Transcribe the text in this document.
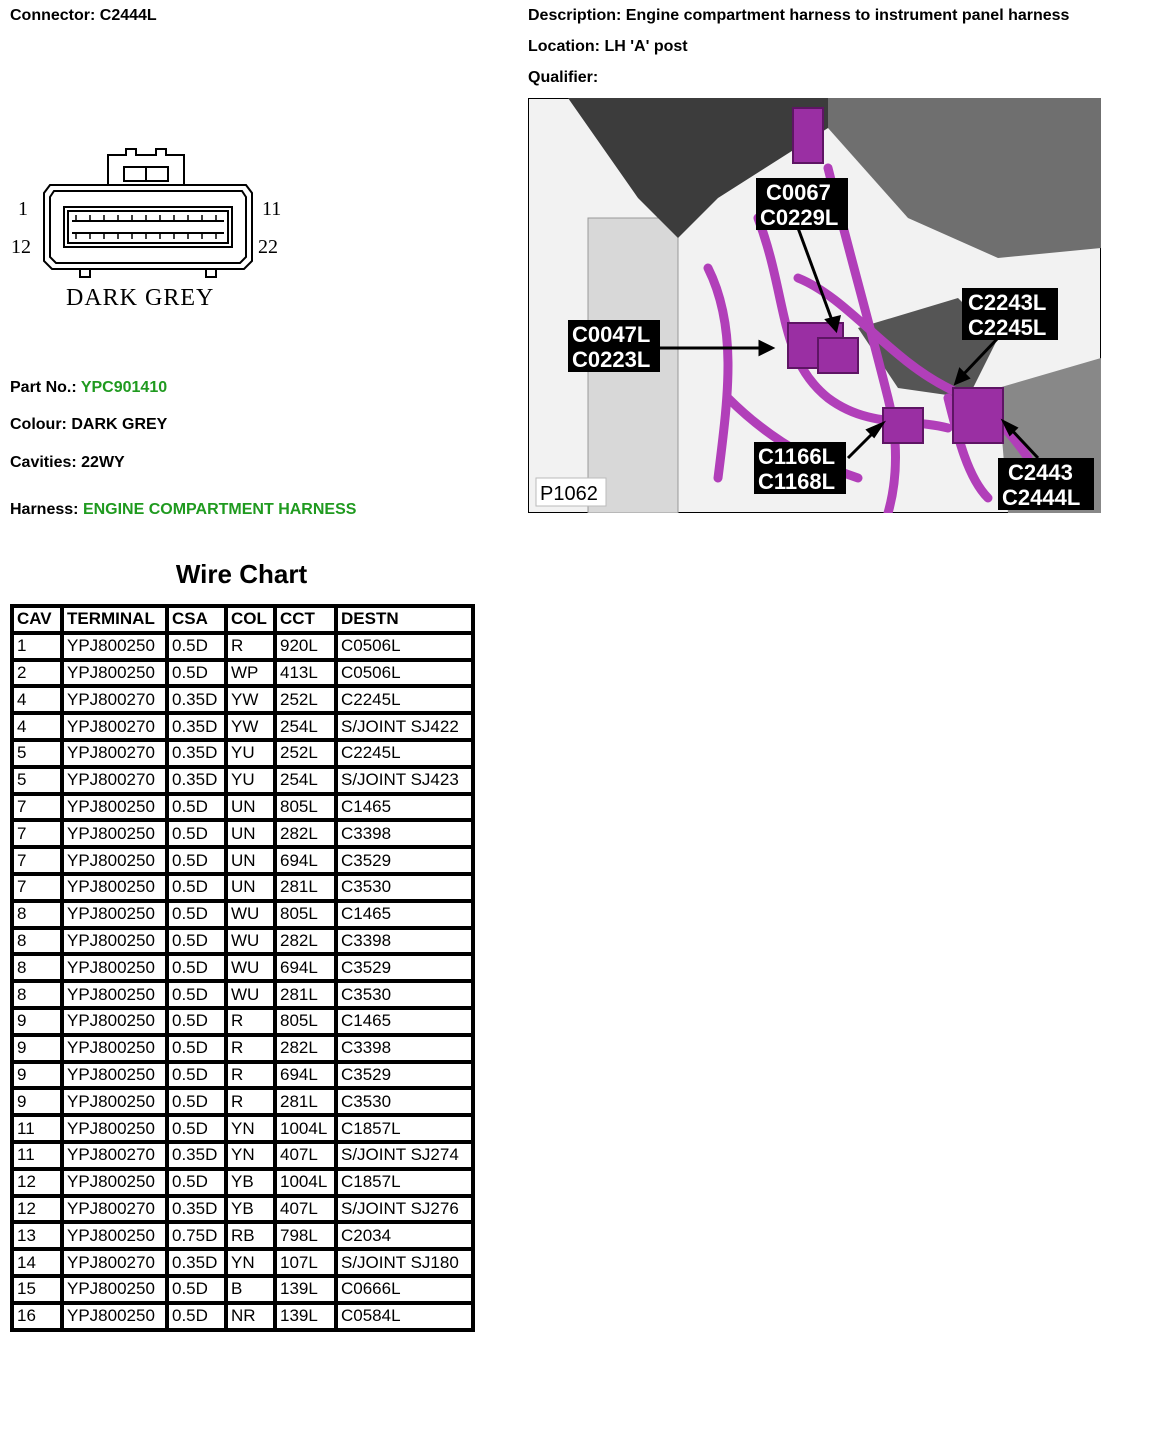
Connector: C2444L	Description: Engine compartment harness to instrument panel harness
Location: LH 'A' post
Qualifier:
1	11
12	22
DARK GREY
Part No.: YPC901410
Colour: DARK GREY
Cavities: 22WY
Harness: ENGINE COMPARTMENT HARNESS
C0067
C0229L
C0047L
C0223L
C2243L
C2245L
C1166L
C1168L	C2443
C2444L
P1062
Wire Chart
CAV	TERMINAL	CSA	COL	CCT	DESTN
1	YPJ800250	0.5D	R	920L	C0506L
2	YPJ800250	0.5D	WP	413L	C0506L
4	YPJ800270	0.35D	YW	252L	C2245L
4	YPJ800270	0.35D	YW	254L	S/JOINT SJ422
5	YPJ800270	0.35D	YU	252L	C2245L
5	YPJ800270	0.35D	YU	254L	S/JOINT SJ423
7	YPJ800250	0.5D	UN	805L	C1465
7	YPJ800250	0.5D	UN	282L	C3398
7	YPJ800250	0.5D	UN	694L	C3529
7	YPJ800250	0.5D	UN	281L	C3530
8	YPJ800250	0.5D	WU	805L	C1465
8	YPJ800250	0.5D	WU	282L	C3398
8	YPJ800250	0.5D	WU	694L	C3529
8	YPJ800250	0.5D	WU	281L	C3530
9	YPJ800250	0.5D	R	805L	C1465
9	YPJ800250	0.5D	R	282L	C3398
9	YPJ800250	0.5D	R	694L	C3529
9	YPJ800250	0.5D	R	281L	C3530
11	YPJ800250	0.5D	YN	1004L	C1857L
11	YPJ800270	0.35D	YN	407L	S/JOINT SJ274
12	YPJ800250	0.5D	YB	1004L	C1857L
12	YPJ800270	0.35D	YB	407L	S/JOINT SJ276
13	YPJ800250	0.75D	RB	798L	C2034
14	YPJ800270	0.35D	YN	107L	S/JOINT SJ180
15	YPJ800250	0.5D	B	139L	C0666L
16	YPJ800250	0.5D	NR	139L	C0584L
